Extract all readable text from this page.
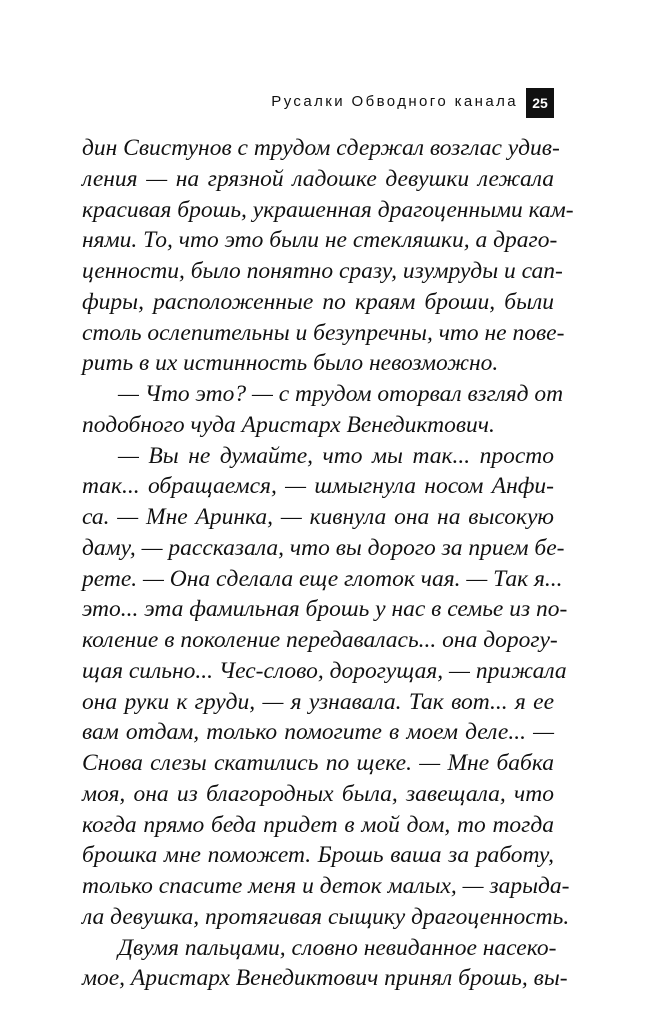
Русалки Обводного канала	25
дин Свистунов с трудом сдержал возглас удив-
ления — на грязной ладошке девушки лежала
красивая брошь, украшенная драгоценными кам-
нями. То, что это были не стекляшки, а драго-
ценности, было понятно сразу, изумруды и сап-
фиры, расположенные по краям броши, были
столь ослепительны и безупречны, что не пове-
рить в их истинность было невозможно.
— Что это? — с трудом оторвал взгляд от
подобного чуда Аристарх Венедиктович.
— Вы не думайте, что мы так... просто
так... обращаемся, — шмыгнула носом Анфи-
са. — Мне Аринка, — кивнула она на высокую
даму, — рассказала, что вы дорого за прием бе-
рете. — Она сделала еще глоток чая. — Так я...
это... эта фамильная брошь у нас в семье из по-
коление в поколение передавалась... она дорогу-
щая сильно... Чес-слово, дорогущая, — прижала
она руки к груди, — я узнавала. Так вот... я ее
вам отдам, только помогите в моем деле... —
Снова слезы скатились по щеке. — Мне бабка
моя, она из благородных была, завещала, что
когда прямо беда придет в мой дом, то тогда
брошка мне поможет. Брошь ваша за работу,
только спасите меня и деток малых, — зарыда-
ла девушка, протягивая сыщику драгоценность.
Двумя пальцами, словно невиданное насеко-
мое, Аристарх Венедиктович принял брошь, вы-
